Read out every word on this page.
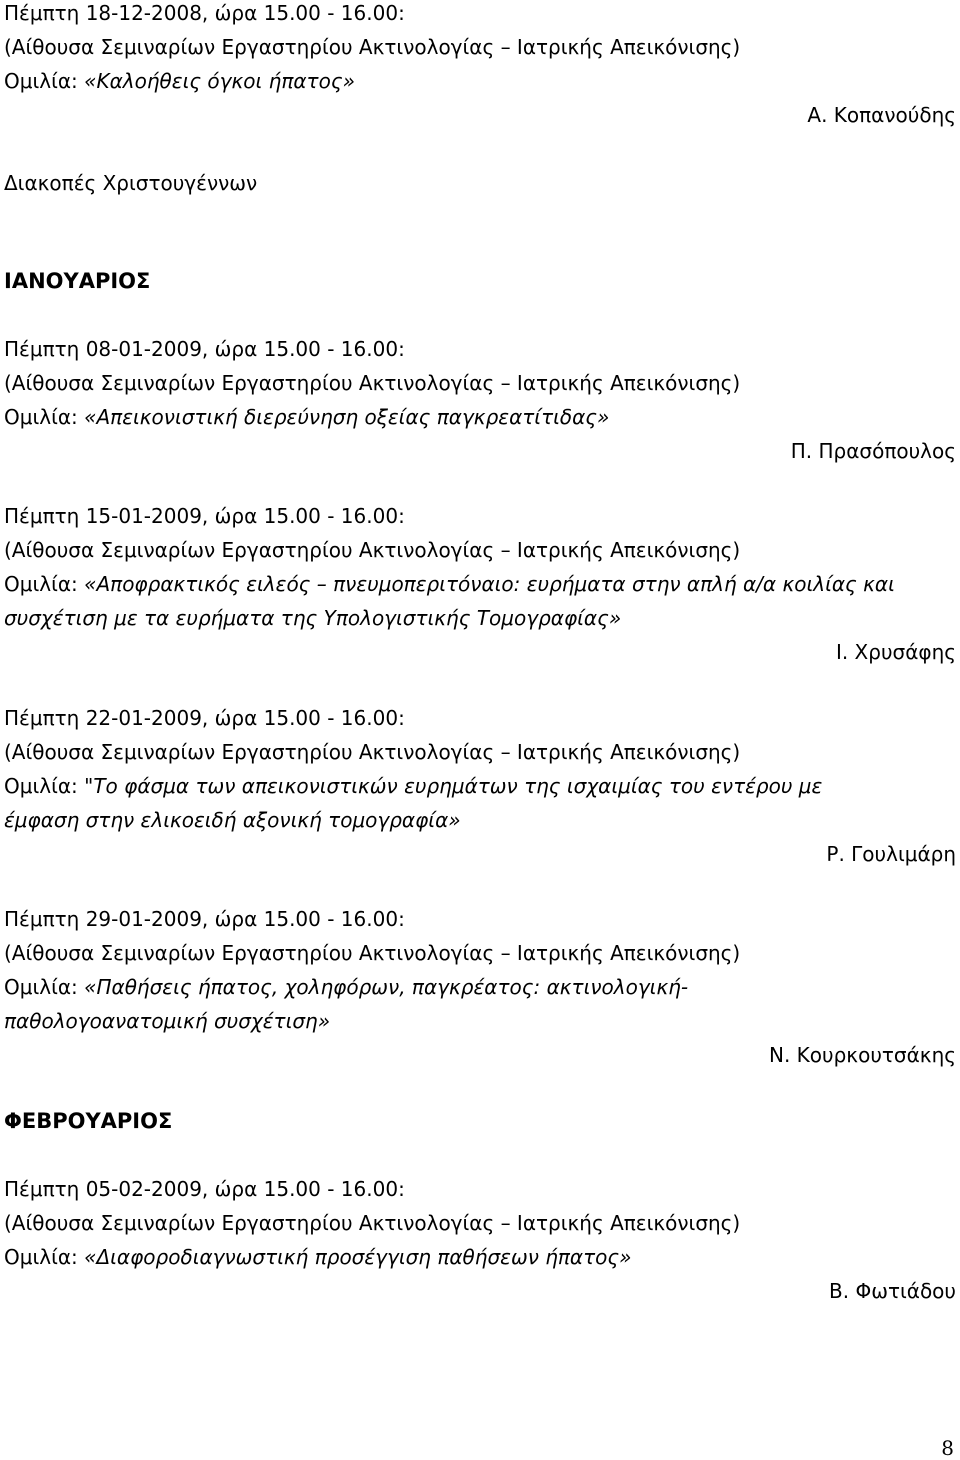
Πέμπτη 18-12-2008, ώρα 15.00 - 16.00:
(Αίθουσα Σεμιναρίων Εργαστηρίου Ακτινολογίας – Ιατρικής Απεικόνισης)
Ομιλία: «Καλοήθεις όγκοι ήπατος»
Α. Κοπανούδης
Διακοπές Χριστουγέννων
ΙΑΝΟΥΑΡΙΟΣ
Πέμπτη 08-01-2009, ώρα 15.00 - 16.00:
(Αίθουσα Σεμιναρίων Εργαστηρίου Ακτινολογίας – Ιατρικής Απεικόνισης)
Ομιλία: «Απεικονιστική διερεύνηση οξείας παγκρεατίτιδας»
Π. Πρασόπουλος
Πέμπτη 15-01-2009, ώρα 15.00 - 16.00:
(Αίθουσα Σεμιναρίων Εργαστηρίου Ακτινολογίας – Ιατρικής Απεικόνισης)
Ομιλία: «Αποφρακτικός ειλεός – πνευμοπεριτόναιο: ευρήματα στην απλή α/α κοιλίας και
συσχέτιση με τα ευρήματα της Υπολογιστικής Τομογραφίας»
Ι. Χρυσάφης
Πέμπτη 22-01-2009, ώρα 15.00 - 16.00:
(Αίθουσα Σεμιναρίων Εργαστηρίου Ακτινολογίας – Ιατρικής Απεικόνισης)
Ομιλία: "Το φάσμα των απεικονιστικών ευρημάτων της ισχαιμίας του εντέρου με
έμφαση στην ελικοειδή αξονική τομογραφία»
Ρ. Γουλιμάρη
Πέμπτη 29-01-2009, ώρα 15.00 - 16.00:
(Αίθουσα Σεμιναρίων Εργαστηρίου Ακτινολογίας – Ιατρικής Απεικόνισης)
Ομιλία: «Παθήσεις ήπατος, χοληφόρων, παγκρέατος: ακτινολογική-
παθολογοανατομική συσχέτιση»
Ν. Κουρκουτσάκης
ΦΕΒΡΟΥΑΡΙΟΣ
Πέμπτη 05-02-2009, ώρα 15.00 - 16.00:
(Αίθουσα Σεμιναρίων Εργαστηρίου Ακτινολογίας – Ιατρικής Απεικόνισης)
Ομιλία: «Διαφοροδιαγνωστική προσέγγιση παθήσεων ήπατος»
Β. Φωτιάδου
8
